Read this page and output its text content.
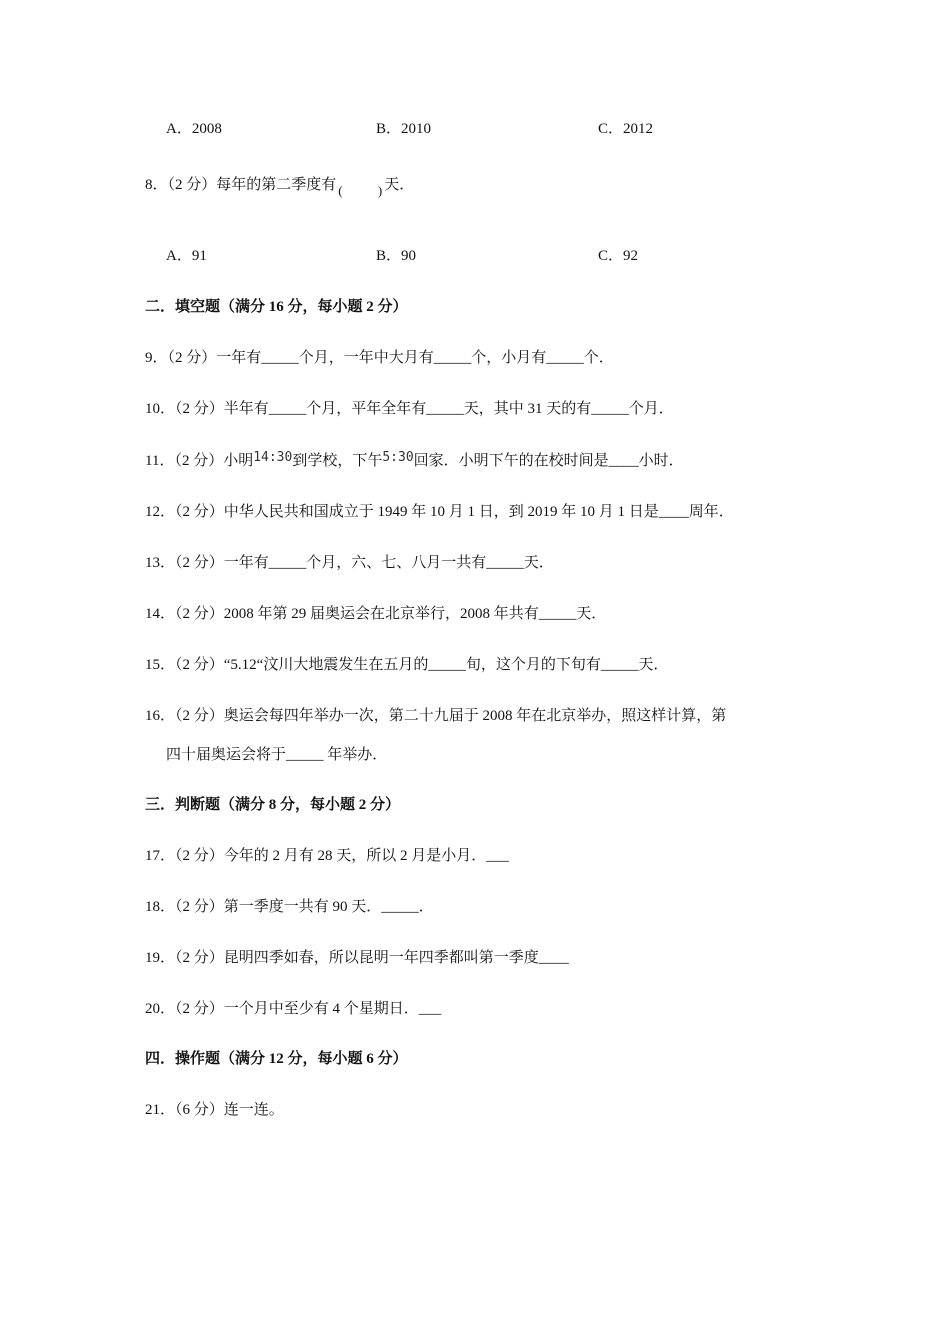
A．2008	B．2010	C．2012
8．（2 分）每年的第二季度有 (	) 天．
A．91	B．90	C．92
二．填空题（满分 16 分，每小题 2 分）
9．（2 分）一年有_____个月，一年中大月有_____个，小月有_____个．
10．（2 分）半年有_____个月，平年全年有_____天，其中 31 天的有_____个月．
11．（2 分）小明14:30到学校，下午5:30回家．小明下午的在校时间是____小时．
12．（2 分）中华人民共和国成立于 1949 年 10 月 1 日，到 2019 年 10 月 1 日是____周年．
13．（2 分）一年有_____个月，六、七、八月一共有_____天．
14．（2 分）2008 年第 29 届奥运会在北京举行，2008 年共有_____天．
15．（2 分）“5.12“汶川大地震发生在五月的_____旬，这个月的下旬有_____天．
16．（2 分）奥运会每四年举办一次，第二十九届于 2008 年在北京举办，照这样计算，第
四十届奥运会将于_____ 年举办．
三．判断题（满分 8 分，每小题 2 分）
17．（2 分）今年的 2 月有 28 天，所以 2 月是小月．___
18．（2 分）第一季度一共有 90 天．_____．
19．（2 分）昆明四季如春，所以昆明一年四季都叫第一季度____
20．（2 分）一个月中至少有 4 个星期日．___
四．操作题（满分 12 分，每小题 6 分）
21．（6 分）连一连。
